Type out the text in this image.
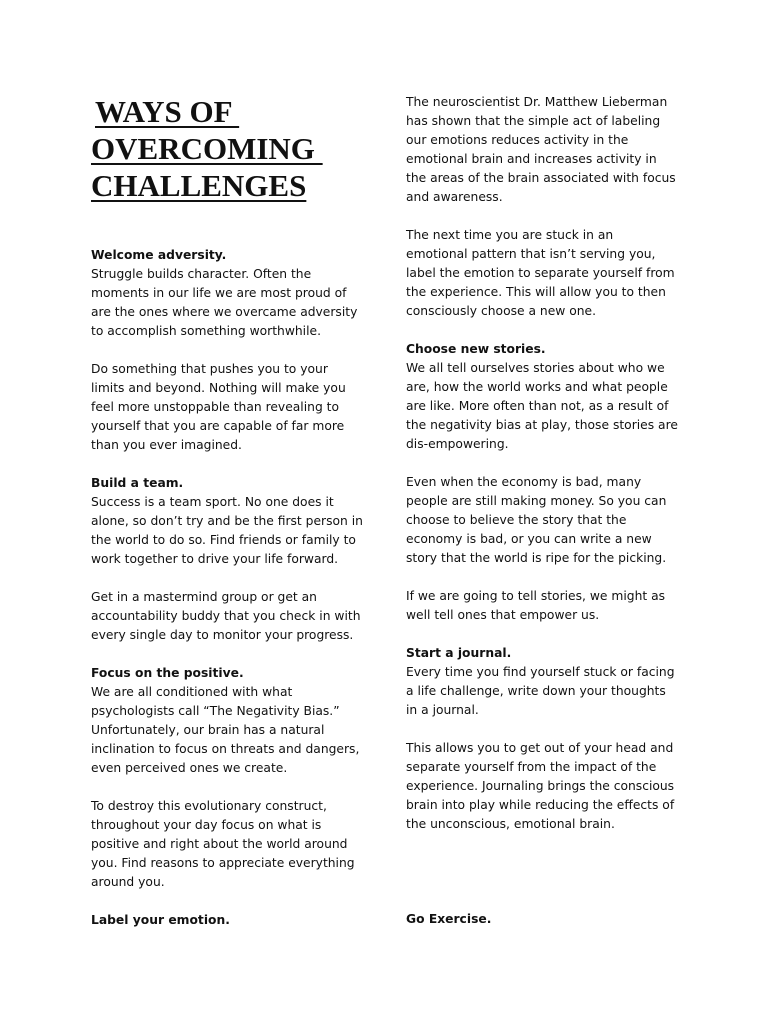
WAYS OF
OVERCOMING
CHALLENGES

Welcome adversity.

Struggle builds character. Often the moments in our life we are most proud of are the ones where we overcame adversity to accomplish something worthwhile.

Do something that pushes you to your limits and beyond. Nothing will make you feel more unstoppable than revealing to yourself that you are capable of far more than you ever imagined.

Build a team.

Success is a team sport. No one does it alone, so don’t try and be the first person in the world to do so. Find friends or family to work together to drive your life forward.

Get in a mastermind group or get an accountability buddy that you check in with every single day to monitor your progress.

Focus on the positive.

We are all conditioned with what psychologists call “The Negativity Bias.” Unfortunately, our brain has a natural inclination to focus on threats and dangers, even perceived ones we create.

To destroy this evolutionary construct, throughout your day focus on what is positive and right about the world around you. Find reasons to appreciate everything around you.

Label your emotion.

The neuroscientist Dr. Matthew Lieberman has shown that the simple act of labeling our emotions reduces activity in the emotional brain and increases activity in the areas of the brain associated with focus and awareness.

The next time you are stuck in an emotional pattern that isn’t serving you, label the emotion to separate yourself from the experience. This will allow you to then consciously choose a new one.

Choose new stories.

We all tell ourselves stories about who we are, how the world works and what people are like. More often than not, as a result of the negativity bias at play, those stories are dis-empowering.

Even when the economy is bad, many people are still making money. So you can choose to believe the story that the economy is bad, or you can write a new story that the world is ripe for the picking.

If we are going to tell stories, we might as well tell ones that empower us.

Start a journal.

Every time you find yourself stuck or facing a life challenge, write down your thoughts in a journal.

This allows you to get out of your head and separate yourself from the impact of the experience. Journaling brings the conscious brain into play while reducing the effects of the unconscious, emotional brain.

Go Exercise.
